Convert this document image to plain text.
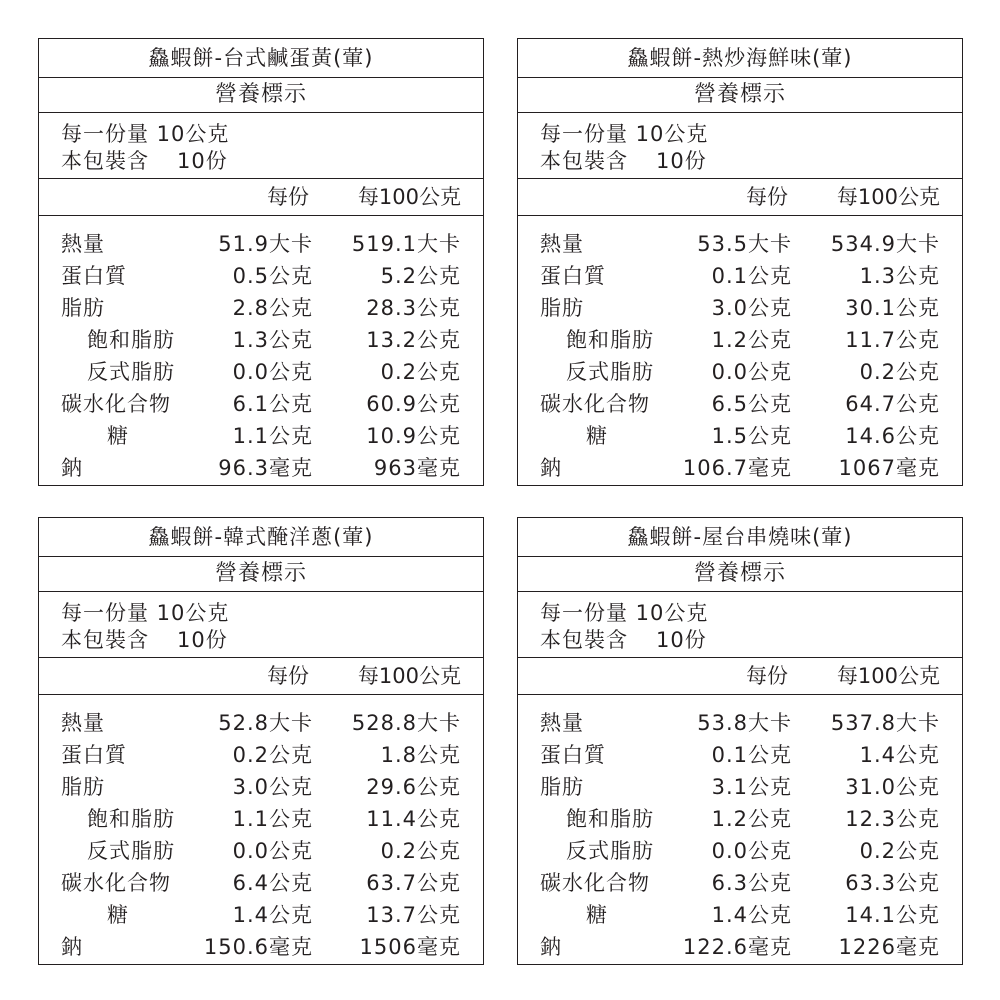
鱻蝦餅-台式鹹蛋黃(葷)
營養標示
每一份量 10公克
本包裝含 10份
每份 每100公克
熱量	51.9大卡 519.1大卡
蛋白質	0.5公克	5.2公克
脂肪	2.8公克	28.3公克
飽和脂肪	1.3公克	13.2公克
反式脂肪	0.0公克	0.2公克
碳水化合物	6.1公克	60.9公克
糖	1.1公克	10.9公克
鈉	96.3毫克	963毫克
鱻蝦餅-熱炒海鮮味(葷)
營養標示
每一份量 10公克
本包裝含 10份
每份 每100公克
熱量	53.5大卡 534.9大卡
蛋白質	0.1公克	1.3公克
脂肪	3.0公克	30.1公克
飽和脂肪	1.2公克	11.7公克
反式脂肪	0.0公克	0.2公克
碳水化合物	6.5公克	64.7公克
糖	1.5公克	14.6公克
鈉	106.7毫克 1067毫克
鱻蝦餅-韓式醃洋蔥(葷)
營養標示
每一份量 10公克
本包裝含 10份
每份 每100公克
熱量	52.8大卡 528.8大卡
蛋白質	0.2公克	1.8公克
脂肪	3.0公克	29.6公克
飽和脂肪	1.1公克	11.4公克
反式脂肪	0.0公克	0.2公克
碳水化合物	6.4公克	63.7公克
糖	1.4公克	13.7公克
鈉	150.6毫克 1506毫克
鱻蝦餅-屋台串燒味(葷)
營養標示
每一份量 10公克
本包裝含 10份
每份 每100公克
熱量	53.8大卡 537.8大卡
蛋白質	0.1公克	1.4公克
脂肪	3.1公克	31.0公克
飽和脂肪	1.2公克	12.3公克
反式脂肪	0.0公克	0.2公克
碳水化合物	6.3公克	63.3公克
糖	1.4公克	14.1公克
鈉	122.6毫克 1226毫克
